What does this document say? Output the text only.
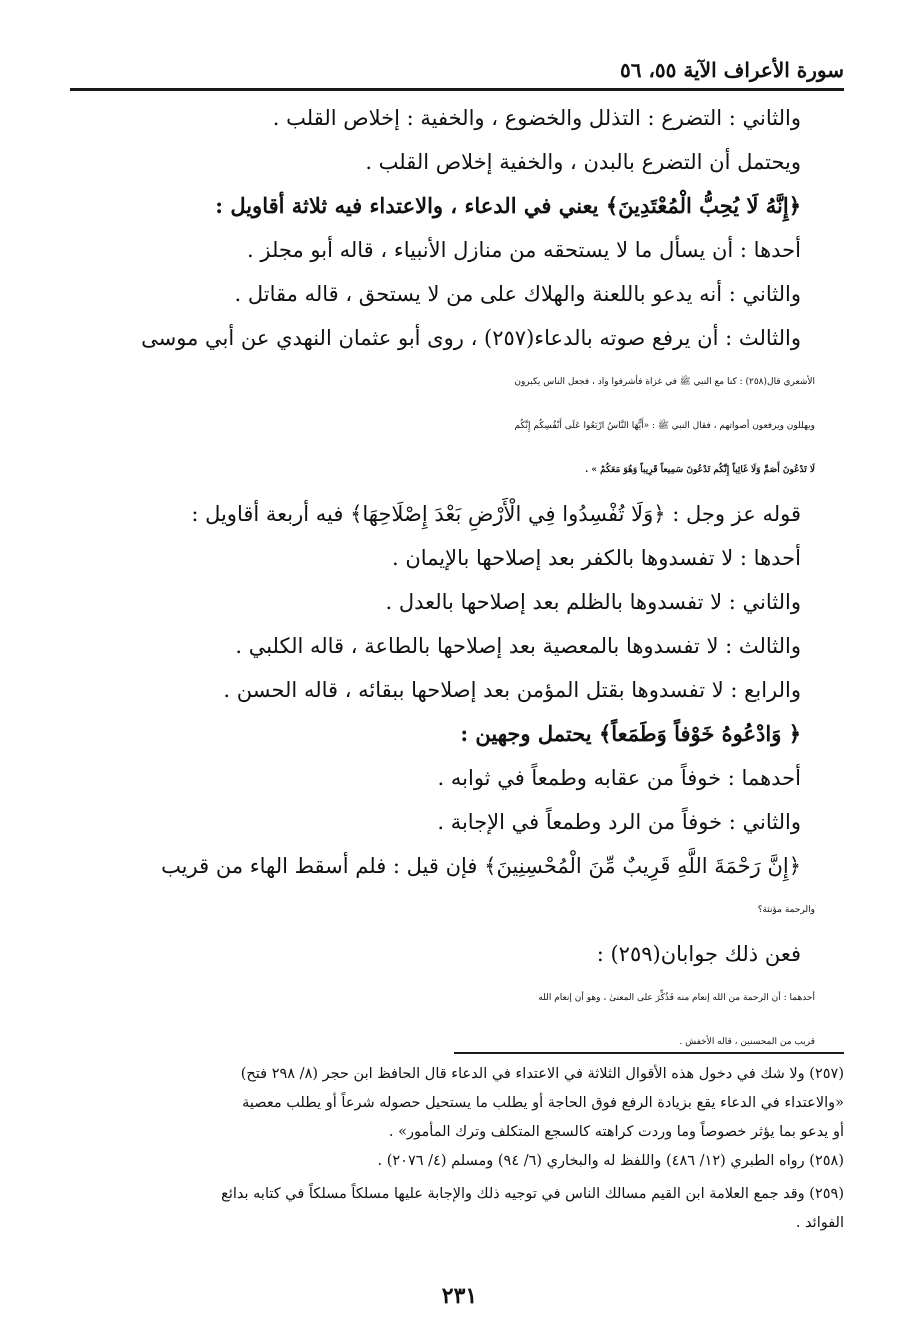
سورة الأعراف الآية ٥٥، ٥٦
والثاني : التضرع : التذلل والخضوع ، والخفية : إخلاص القلب .
ويحتمل أن التضرع بالبدن ، والخفية إخلاص القلب .
﴿إِنَّهُ لَا يُحِبُّ الْمُعْتَدِينَ﴾ يعني في الدعاء ، والاعتداء فيه ثلاثة أقاويل :
أحدها : أن يسأل ما لا يستحقه من منازل الأنبياء ، قاله أبو مجلز .
والثاني : أنه يدعو باللعنة والهلاك على من لا يستحق ، قاله مقاتل .
والثالث : أن يرفع صوته بالدعاء(٢٥٧) ، روى أبو عثمان النهدي عن أبي موسى
الأشعري قال(٢٥٨) : كنا مع النبي ﷺ في غزاة فأشرفوا واد ، فجعل الناس يكبرون
ويهللون ويرفعون أصواتهم ، فقال النبي ﷺ : «أَيُّهَا النَّاسُ ارْبَعُوا عَلَى أَنْفُسِكُم إِنَّكُم
لَا تَدْعُونَ أَصَمَّ وَلَا غَائِباً إِنَّكُم تَدْعُونَ سَمِيعاً قَرِيباً وَهُوَ مَعَكُمْ » .
قوله عز وجل : ﴿وَلَا تُفْسِدُوا فِي الْأَرْضِ بَعْدَ إِصْلَاحِهَا﴾ فيه أربعة أقاويل :
أحدها : لا تفسدوها بالكفر بعد إصلاحها بالإيمان .
والثاني : لا تفسدوها بالظلم بعد إصلاحها بالعدل .
والثالث : لا تفسدوها بالمعصية بعد إصلاحها بالطاعة ، قاله الكلبي .
والرابع : لا تفسدوها بقتل المؤمن بعد إصلاحها ببقائه ، قاله الحسن .
﴿ وَادْعُوهُ خَوْفاً وَطَمَعاً﴾ يحتمل وجهين :
أحدهما : خوفاً من عقابه وطمعاً في ثوابه .
والثاني : خوفاً من الرد وطمعاً في الإجابة .
﴿إِنَّ رَحْمَةَ اللَّهِ قَرِيبٌ مِّنَ الْمُحْسِنِينَ﴾ فإن قيل : فلم أسقط الهاء من قريب
والرحمة مؤنثة؟
فعن ذلك جوابان(٢٥٩) :
أحدهما : أن الرحمة من الله إنعام منه فَذُكِّرَ على المعنىٰ ، وهو أن إنعام الله
قريب من المحسنين ، قاله الأخفش .
(٢٥٧) ولا شك في دخول هذه الأقوال الثلاثة في الاعتداء في الدعاء قال الحافظ ابن حجر (٨/ ٢٩٨ فتح)
«والاعتداء في الدعاء يقع بزيادة الرفع فوق الحاجة أو يطلب ما يستحيل حصوله شرعاً أو يطلب معصية
أو يدعو بما يؤثر خصوصاً وما وردت كراهته كالسجع المتكلف وترك المأمور» .
(٢٥٨) رواه الطبري (١٢/ ٤٨٦) واللفظ له والبخاري (٦/ ٩٤) ومسلم (٤/ ٢٠٧٦) .
(٢٥٩) وقد جمع العلامة ابن القيم مسالك الناس في توجيه ذلك والإجابة عليها مسلكاً مسلكاً في كتابه بدائع
الفوائد .
٢٣١
